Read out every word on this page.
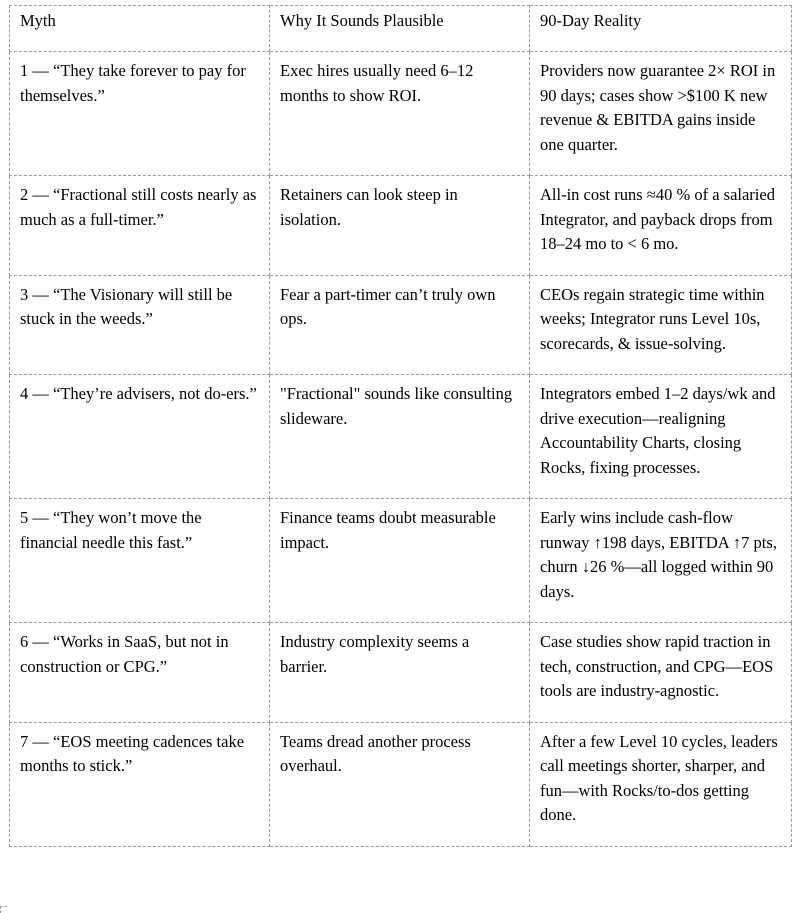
Myth	Why It Sounds Plausible	90-Day Reality
1 — “They take forever to pay for themselves.”	Exec hires usually need 6–12 months to show ROI.	Providers now guarantee 2× ROI in 90 days; cases show >$100 K new revenue & EBITDA gains inside one quarter.
2 — “Fractional still costs nearly as much as a full-timer.”	Retainers can look steep in isolation.	All-in cost runs ≈40 % of a salaried Integrator, and payback drops from 18–24 mo to < 6 mo.
3 — “The Visionary will still be stuck in the weeds.”	Fear a part-timer can’t truly own ops.	CEOs regain strategic time within weeks; Integrator runs Level 10s, scorecards, & issue-solving.
4 — “They’re advisers, not do-ers.”	"Fractional" sounds like consulting slideware.	Integrators embed 1–2 days/wk and drive execution—realigning Accountability Charts, closing Rocks, fixing processes.
5 — “They won’t move the financial needle this fast.”	Finance teams doubt measurable impact.	Early wins include cash-flow runway ↑198 days, EBITDA ↑7 pts, churn ↓26 %—all logged within 90 days.
6 — “Works in SaaS, but not in construction or CPG.”	Industry complexity seems a barrier.	Case studies show rapid traction in tech, construction, and CPG—EOS tools are industry-agnostic.
7 — “EOS meeting cadences take months to stick.”	Teams dread another process overhaul.	After a few Level 10 cycles, leaders call meetings shorter, sharper, and fun—with Rocks/to-dos getting done.
